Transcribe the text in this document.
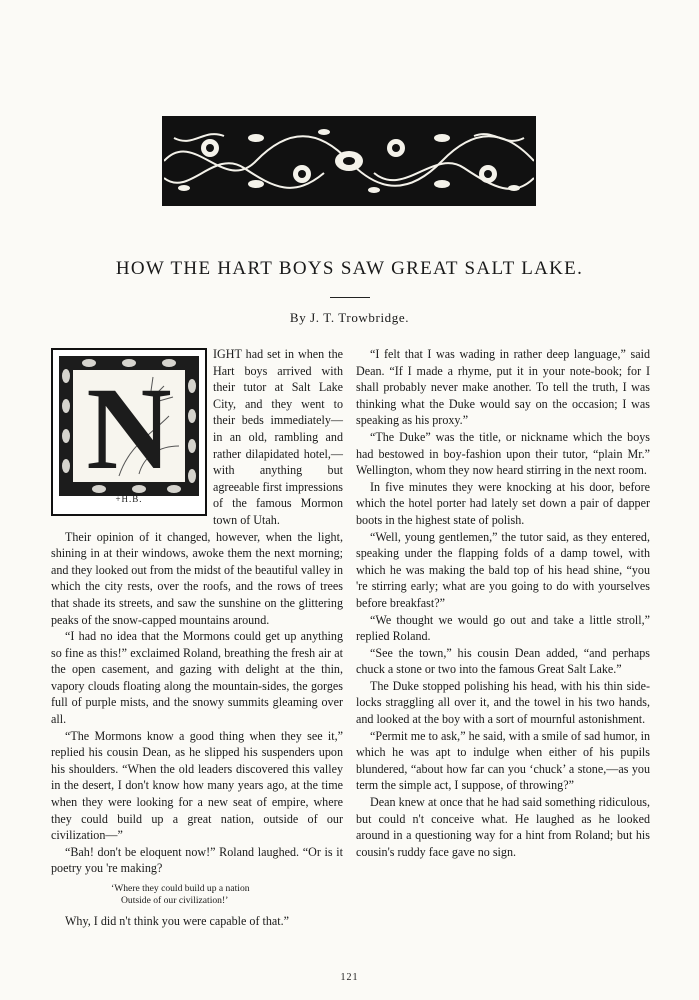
HOW THE HART BOYS SAW GREAT SALT LAKE.
By J. T. Trowbridge.
N
+H.B.

IGHT had set in when the Hart boys arrived with their tutor at Salt Lake City, and they went to their beds immediately—in an old, rambling and rather dilapidated hotel,—with anything but agreeable first impressions of the famous Mormon town of Utah.

Their opinion of it changed, however, when the light, shining in at their windows, awoke them the next morning; and they looked out from the midst of the beautiful valley in which the city rests, over the roofs, and the rows of trees that shade its streets, and saw the sunshine on the glittering peaks of the snow-capped mountains around.

“I had no idea that the Mormons could get up anything so fine as this!” exclaimed Roland, breathing the fresh air at the open casement, and gazing with delight at the thin, vapory clouds floating along the mountain-sides, the gorges full of purple mists, and the snowy summits gleaming over all.

“The Mormons know a good thing when they see it,” replied his cousin Dean, as he slipped his suspenders upon his shoulders. “When the old leaders discovered this valley in the desert, I don't know how many years ago, at the time when they were looking for a new seat of empire, where they could build up a great nation, outside of our civilization—”

“Bah! don't be eloquent now!” Roland laughed. “Or is it poetry you 're making?

‘Where they could build up a nation
Outside of our civilization!’

Why, I did n't think you were capable of that.”

“I felt that I was wading in rather deep language,” said Dean. “If I made a rhyme, put it in your note-book; for I shall probably never make another. To tell the truth, I was thinking what the Duke would say on the occasion; I was speaking as his proxy.”

“The Duke” was the title, or nickname which the boys had bestowed in boy-fashion upon their tutor, “plain Mr.” Wellington, whom they now heard stirring in the next room.

In five minutes they were knocking at his door, before which the hotel porter had lately set down a pair of dapper boots in the highest state of polish.

“Well, young gentlemen,” the tutor said, as they entered, speaking under the flapping folds of a damp towel, with which he was making the bald top of his head shine, “you 're stirring early; what are you going to do with yourselves before breakfast?”

“We thought we would go out and take a little stroll,” replied Roland.

“See the town,” his cousin Dean added, “and perhaps chuck a stone or two into the famous Great Salt Lake.”

The Duke stopped polishing his head, with his thin side-locks straggling all over it, and the towel in his two hands, and looked at the boy with a sort of mournful astonishment.

“Permit me to ask,” he said, with a smile of sad humor, in which he was apt to indulge when either of his pupils blundered, “about how far can you ‘chuck’ a stone,—as you term the simple act, I suppose, of throwing?”

Dean knew at once that he had said something ridiculous, but could n't conceive what. He laughed as he looked around in a questioning way for a hint from Roland; but his cousin's ruddy face gave no sign.

121
